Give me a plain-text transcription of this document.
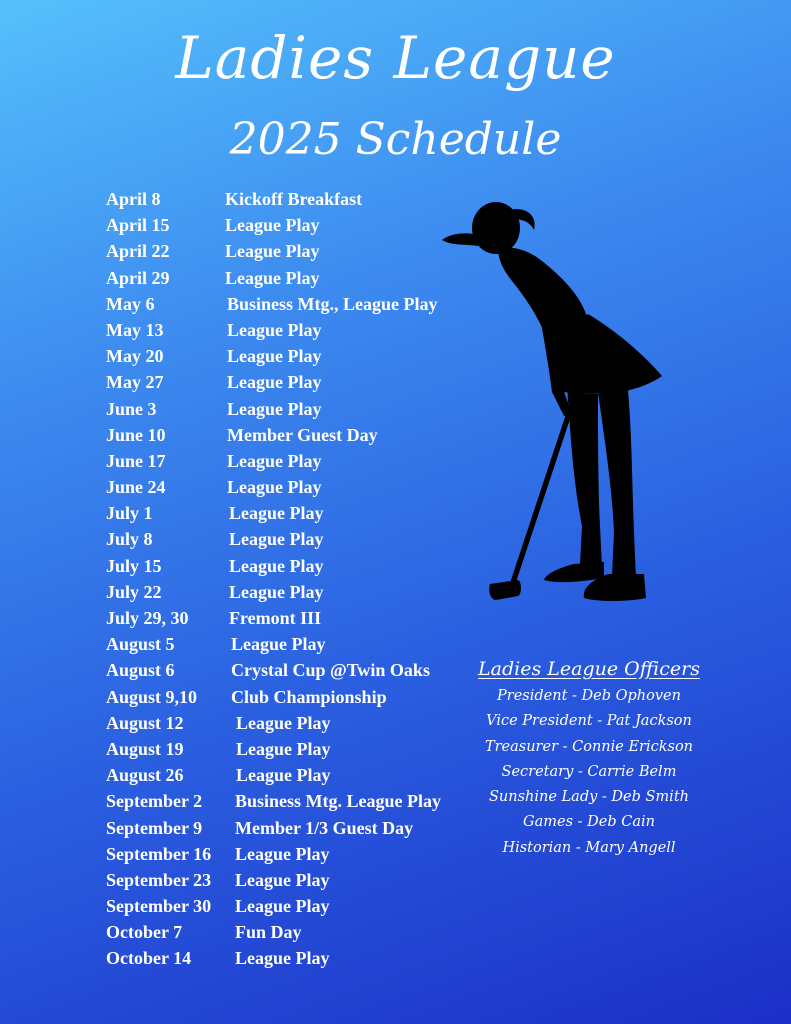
Ladies League
2025 Schedule
April 8	Kickoff Breakfast
April 15	League Play
April 22	League Play
April 29	League Play
May 6	Business Mtg., League Play
May 13	League Play
May 20	League Play
May 27	League Play
June 3	League Play
June 10	Member Guest Day
June 17	League Play
June 24	League Play
July 1	League Play
July 8	League Play
July 15	League Play
July 22	League Play
July 29, 30 Fremont III
August 5	League Play
August 6	Crystal Cup @Twin Oaks
August 9,10 Club Championship
August 12	League Play
August 19	League Play
August 26	League Play
September 2 Business Mtg. League Play
September 9 Member 1/3 Guest Day
September 16 League Play
September 23 League Play
September 30 League Play
October 7	Fun Day
October 14 League Play
Ladies League Officers
President - Deb Ophoven
Vice President - Pat Jackson
Treasurer - Connie Erickson
Secretary - Carrie Belm
Sunshine Lady - Deb Smith
Games - Deb Cain
Historian - Mary Angell
